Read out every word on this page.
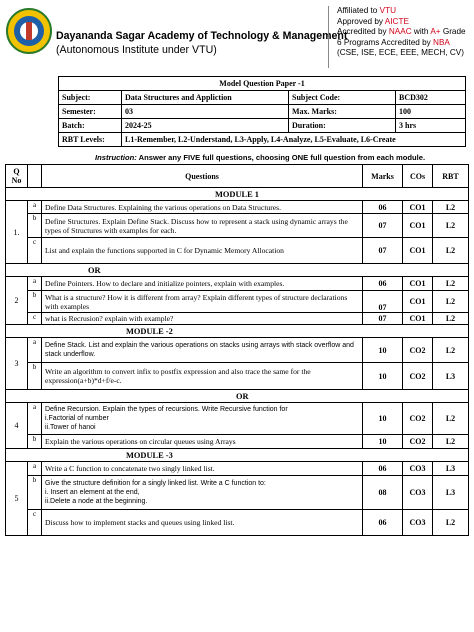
Dayananda Sagar Academy of Technology & Management
(Autonomous Institute under VTU)
Affiliated to VTU
Approved by AICTE
Accredited by NAAC with A+ Grade
6 Programs Accredited by NBA
(CSE, ISE, ECE, EEE, MECH, CV)
Model Question Paper -1			
Subject:	Data Structures and Appliction	Subject Code:	BCD302
Semester:	03	Max. Marks:	100
Batch:	2024-25	Duration:	3 hrs
RBT Levels:	L1-Remember, L2-Understand, L3-Apply, L4-Analyze, L5-Evaluate, L6-Create		
Instruction: Answer any FIVE full questions, choosing ONE full question from each module.
Q No		Questions	Marks	COs	RBT
MODULE 1					
1.	a	Define Data Structures. Explaining the various operations on Data Structures.	06	CO1	L2
	b	Define Structures. Explain Define Stack. Discuss how to represent a stack using dynamic arrays the types of Structures with examples for each.	07	CO1	L2
	c	List and explain the functions supported in C for Dynamic Memory Allocation	07	CO1	L2
OR					
2	a	Define Pointers. How to declare and initialize pointers, explain with examples.	06	CO1	L2
	b	What is a structure? How it is different from array? Explain different types of structure declarations with examples	07	CO1	L2
	c	what is Recrusion? explain with example?	07	CO1	L2
MODULE -2					
3	a	Define Stack. List and explain the various operations on stacks using arrays with stack overflow and stack underflow.	10	CO2	L2
	b	Write an algorithm to convert infix to postfix expression and also trace the same for the expression(a+b)*d+f/e-c.	10	CO2	L3
OR					
4	a	Define Recursion. Explain the types of recursions. Write Recursive function for
i.Factorial of number
ii.Tower of hanoi	10	CO2	L2
	b	Explain the various operations on circular queues using Arrays	10	CO2	L2
MODULE -3					
5	a	Write a C function to concatenate two singly linked list.	06	CO3	L3
	b	Give the structure definition for a singly linked list. Write a C function to:
i. Insert an element at the end,
ii.Delete a node at the beginning.	08	CO3	L3
	c	Discuss how to implement stacks and queues using linked list.	06	CO3	L2
